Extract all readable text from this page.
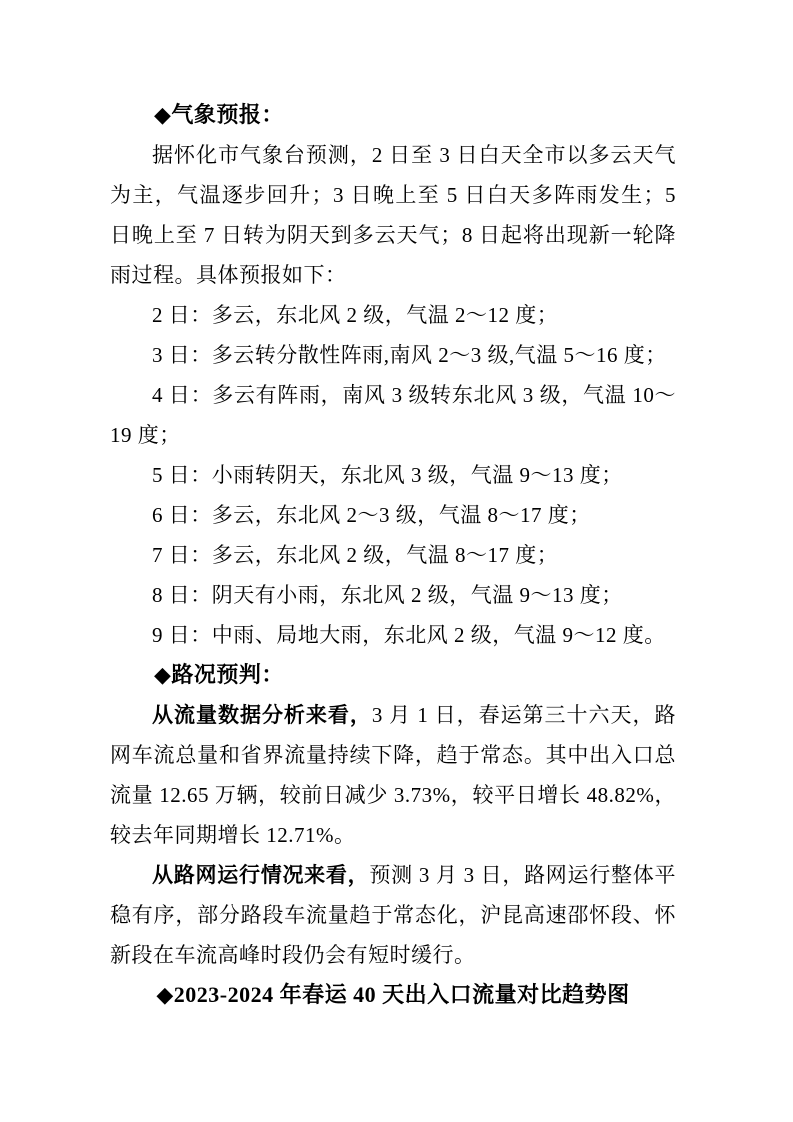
◆气象预报：

据怀化市气象台预测，2 日至 3 日白天全市以多云天气为主，气温逐步回升；3 日晚上至 5 日白天多阵雨发生；5 日晚上至 7 日转为阴天到多云天气；8 日起将出现新一轮降雨过程。具体预报如下：

2 日：多云，东北风 2 级，气温 2～12 度；

3 日：多云转分散性阵雨,南风 2～3 级,气温 5～16 度；

4 日：多云有阵雨，南风 3 级转东北风 3 级，气温 10～19 度；

5 日：小雨转阴天，东北风 3 级，气温 9～13 度；

6 日：多云，东北风 2～3 级，气温 8～17 度；

7 日：多云，东北风 2 级，气温 8～17 度；

8 日：阴天有小雨，东北风 2 级，气温 9～13 度；

9 日：中雨、局地大雨，东北风 2 级，气温 9～12 度。

◆路况预判：

从流量数据分析来看，3 月 1 日，春运第三十六天，路网车流总量和省界流量持续下降，趋于常态。其中出入口总流量 12.65 万辆，较前日减少 3.73%，较平日增长 48.82%，较去年同期增长 12.71%。

从路网运行情况来看，预测 3 月 3 日，路网运行整体平稳有序，部分路段车流量趋于常态化，沪昆高速邵怀段、怀新段在车流高峰时段仍会有短时缓行。

◆2023-2024 年春运 40 天出入口流量对比趋势图
